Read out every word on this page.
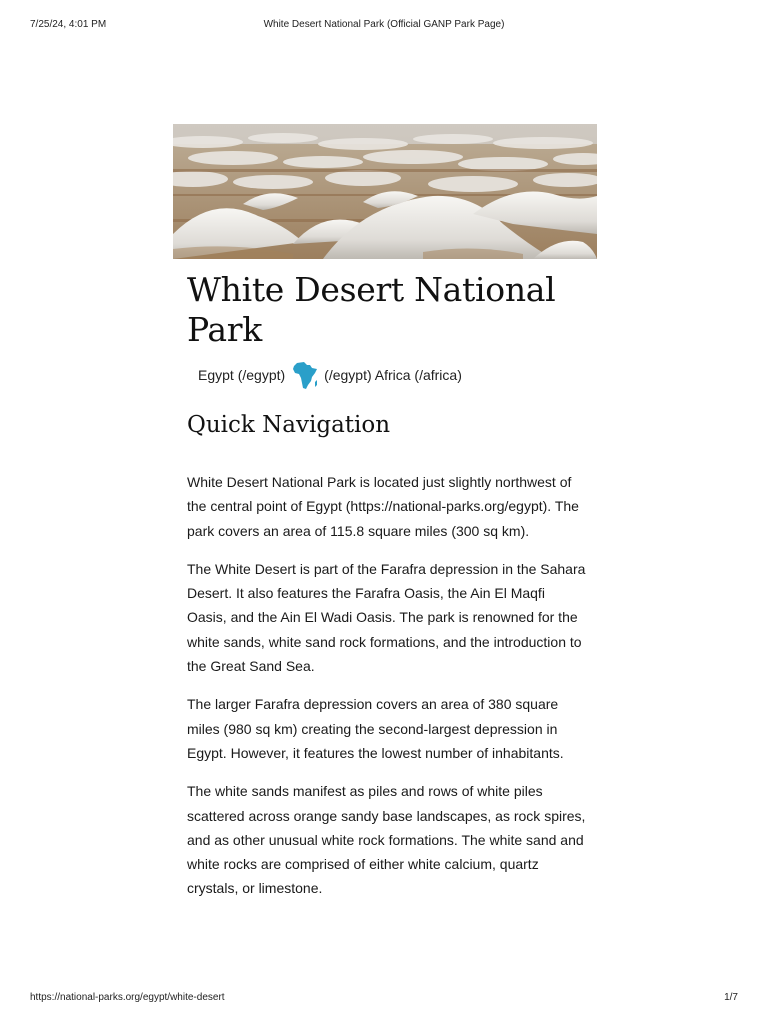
7/25/24, 4:01 PM	White Desert National Park (Official GANP Park Page)
White Desert National Park
Egypt (/egypt)	(/egypt) Africa (/africa)
Quick Navigation

White Desert National Park is located just slightly northwest of the central point of Egypt (https://national-parks.org/egypt). The park covers an area of 115.8 square miles (300 sq km).

The White Desert is part of the Farafra depression in the Sahara Desert. It also features the Farafra Oasis, the Ain El Maqfi Oasis, and the Ain El Wadi Oasis. The park is renowned for the white sands, white sand rock formations, and the introduction to the Great Sand Sea.

The larger Farafra depression covers an area of 380 square miles (980 sq km) creating the second-largest depression in Egypt. However, it features the lowest number of inhabitants.

The white sands manifest as piles and rows of white piles scattered across orange sandy base landscapes, as rock spires, and as other unusual white rock formations. The white sand and white rocks are comprised of either white calcium, quartz crystals, or limestone.

https://national-parks.org/egypt/white-desert	1/7
